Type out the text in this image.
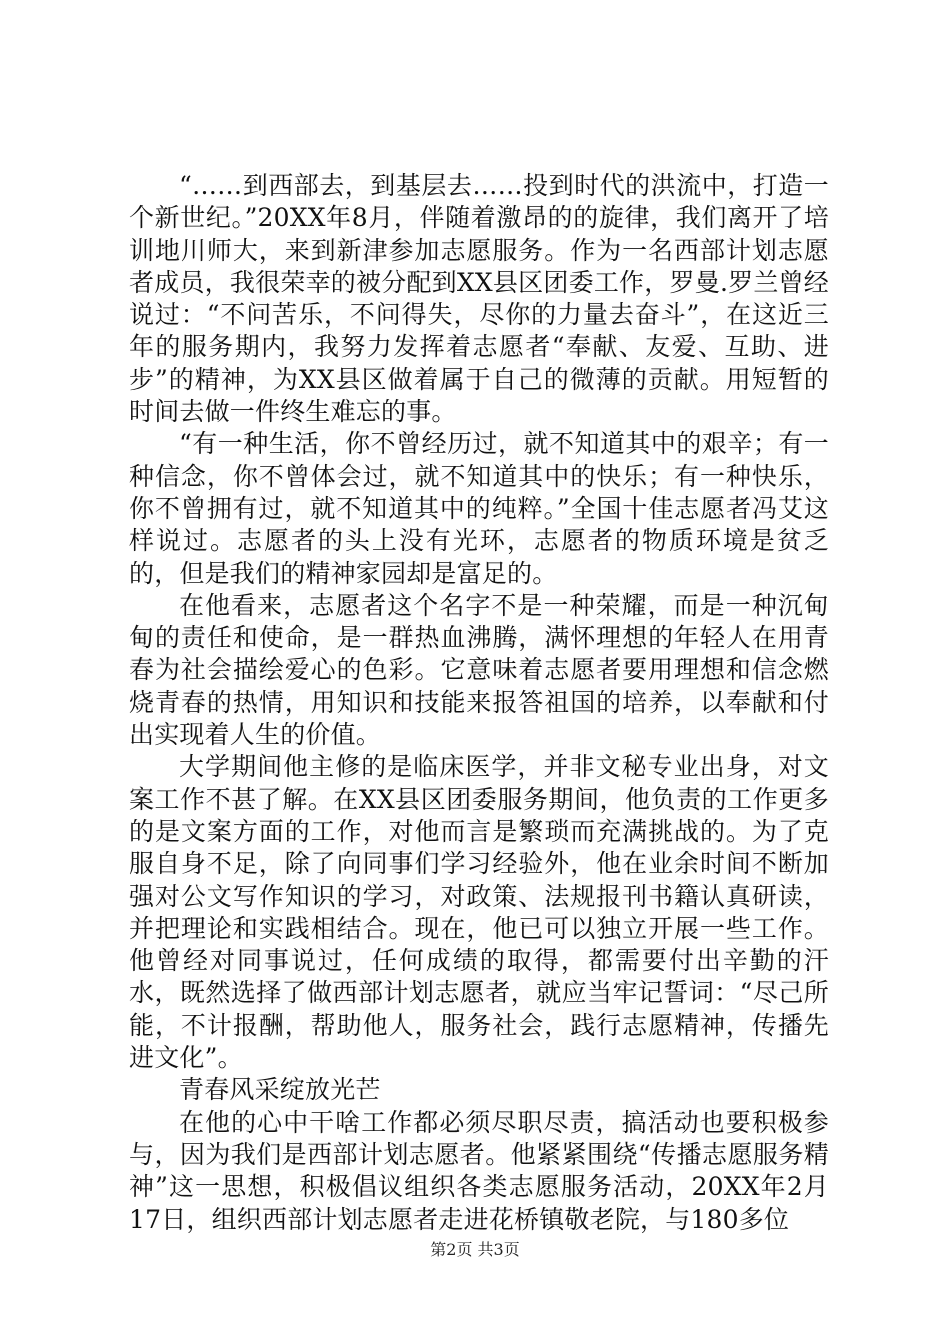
“……到西部去，到基层去……投到时代的洪流中，打造一个新世纪。”20XX年8月，伴随着激昂的的旋律，我们离开了培训地川师大，来到新津参加志愿服务。作为一名西部计划志愿者成员，我很荣幸的被分配到XX县区团委工作，罗曼.罗兰曾经说过：“不问苦乐，不问得失，尽你的力量去奋斗”，在这近三年的服务期内，我努力发挥着志愿者“奉献、友爱、互助、进步”的精神，为XX县区做着属于自己的微薄的贡献。用短暂的时间去做一件终生难忘的事。

“有一种生活，你不曾经历过，就不知道其中的艰辛；有一种信念，你不曾体会过，就不知道其中的快乐；有一种快乐，你不曾拥有过，就不知道其中的纯粹。”全国十佳志愿者冯艾这样说过。志愿者的头上没有光环，志愿者的物质环境是贫乏的，但是我们的精神家园却是富足的。

在他看来，志愿者这个名字不是一种荣耀，而是一种沉甸甸的责任和使命，是一群热血沸腾，满怀理想的年轻人在用青春为社会描绘爱心的色彩。它意味着志愿者要用理想和信念燃烧青春的热情，用知识和技能来报答祖国的培养，以奉献和付出实现着人生的价值。

大学期间他主修的是临床医学，并非文秘专业出身，对文案工作不甚了解。在XX县区团委服务期间，他负责的工作更多的是文案方面的工作，对他而言是繁琐而充满挑战的。为了克服自身不足，除了向同事们学习经验外，他在业余时间不断加强对公文写作知识的学习，对政策、法规报刊书籍认真研读，并把理论和实践相结合。现在，他已可以独立开展一些工作。他曾经对同事说过，任何成绩的取得，都需要付出辛勤的汗水，既然选择了做西部计划志愿者，就应当牢记誓词：“尽己所能，不计报酬，帮助他人，服务社会，践行志愿精神，传播先进文化”。

青春风采绽放光芒

在他的心中干啥工作都必须尽职尽责，搞活动也要积极参与，因为我们是西部计划志愿者。他紧紧围绕“传播志愿服务精神”这一思想，积极倡议组织各类志愿服务活动，20XX年2月17日，组织西部计划志愿者走进花桥镇敬老院，与180多位

第2页 共3页
